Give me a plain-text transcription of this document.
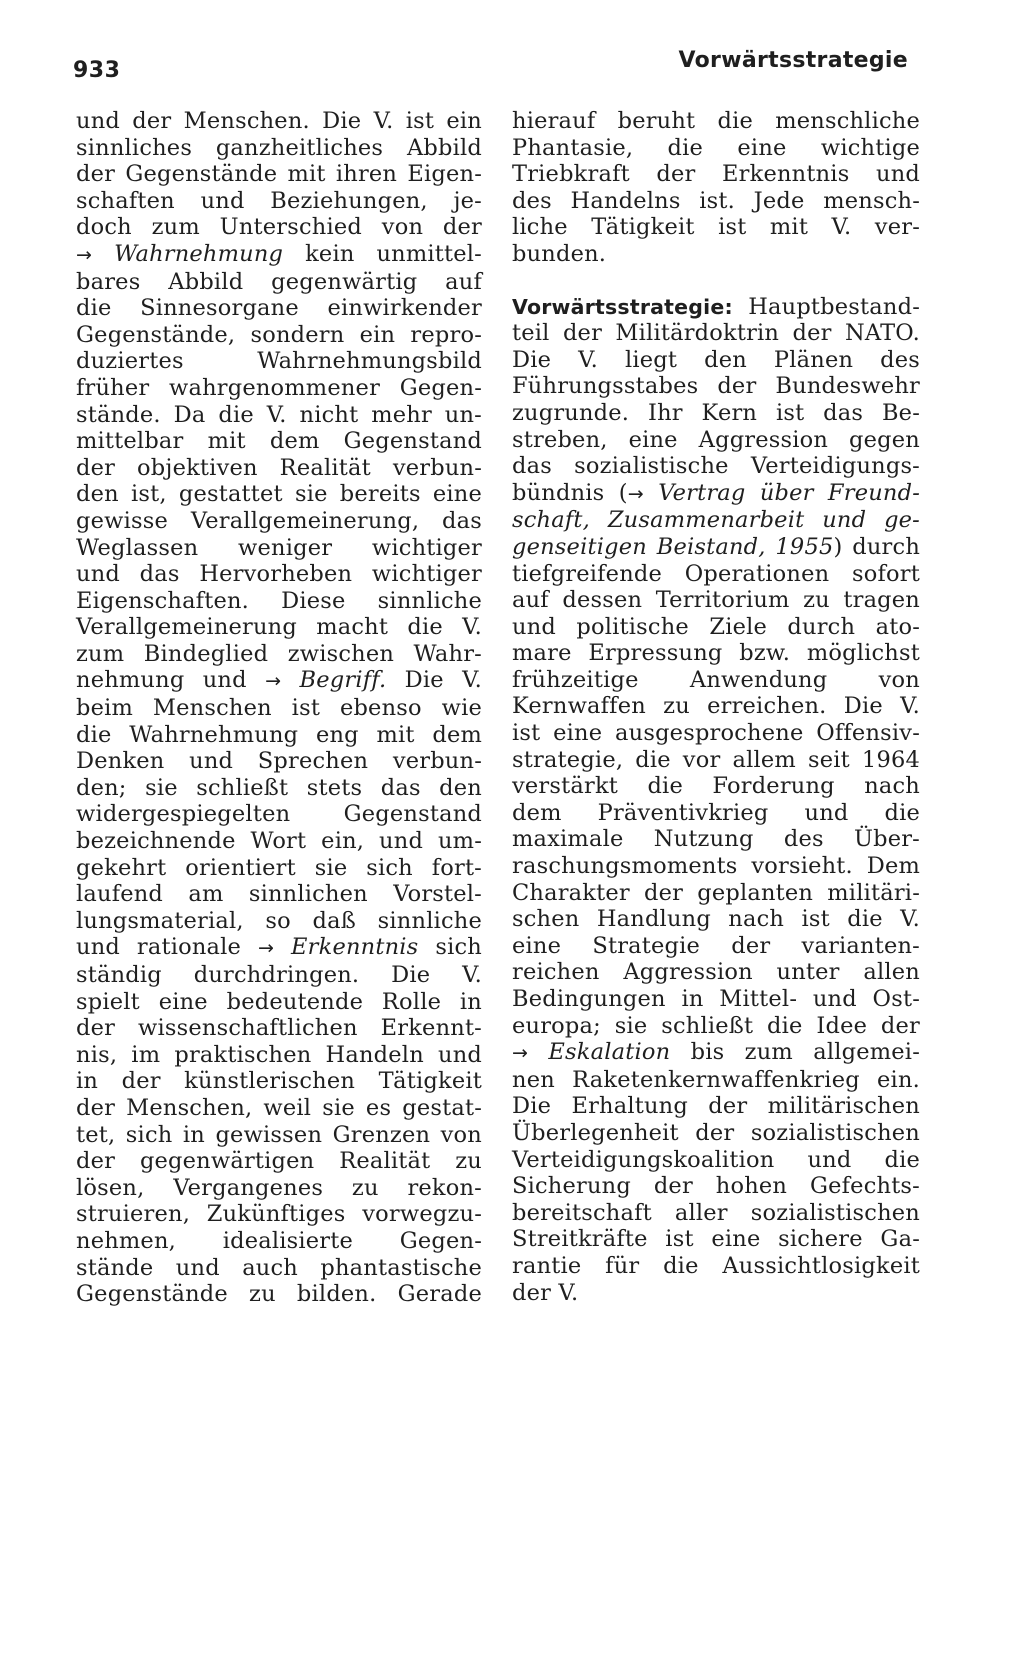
933	Vorwärtsstrategie
und der Menschen. Die V. ist ein
sinnliches ganzheitliches Abbild
der Gegenstände mit ihren Eigen-
schaften und Beziehungen, je-
doch zum Unterschied von der
→ Wahrnehmung kein unmittel-
bares Abbild gegenwärtig auf
die Sinnesorgane einwirkender
Gegenstände, sondern ein repro-
duziertes Wahrnehmungsbild
früher wahrgenommener Gegen-
stände. Da die V. nicht mehr un-
mittelbar mit dem Gegenstand
der objektiven Realität verbun-
den ist, gestattet sie bereits eine
gewisse Verallgemeinerung, das
Weglassen weniger wichtiger
und das Hervorheben wichtiger
Eigenschaften. Diese sinnliche
Verallgemeinerung macht die V.
zum Bindeglied zwischen Wahr-
nehmung und → Begriff. Die V.
beim Menschen ist ebenso wie
die Wahrnehmung eng mit dem
Denken und Sprechen verbun-
den; sie schließt stets das den
widergespiegelten Gegenstand
bezeichnende Wort ein, und um-
gekehrt orientiert sie sich fort-
laufend am sinnlichen Vorstel-
lungsmaterial, so daß sinnliche
und rationale → Erkenntnis sich
ständig durchdringen. Die V.
spielt eine bedeutende Rolle in
der wissenschaftlichen Erkennt-
nis, im praktischen Handeln und
in der künstlerischen Tätigkeit
der Menschen, weil sie es gestat-
tet, sich in gewissen Grenzen von
der gegenwärtigen Realität zu
lösen, Vergangenes zu rekon-
struieren, Zukünftiges vorwegzu-
nehmen, idealisierte Gegen-
stände und auch phantastische
Gegenstände zu bilden. Gerade
hierauf beruht die menschliche
Phantasie, die eine wichtige
Triebkraft der Erkenntnis und
des Handelns ist. Jede mensch-
liche Tätigkeit ist mit V. ver-
bunden.
Vorwärtsstrategie: Hauptbestand-
teil der Militärdoktrin der NATO.
Die V. liegt den Plänen des
Führungsstabes der Bundeswehr
zugrunde. Ihr Kern ist das Be-
streben, eine Aggression gegen
das sozialistische Verteidigungs-
bündnis (→ Vertrag über Freund-
schaft, Zusammenarbeit und ge-
genseitigen Beistand, 1955) durch
tiefgreifende Operationen sofort
auf dessen Territorium zu tragen
und politische Ziele durch ato-
mare Erpressung bzw. möglichst
frühzeitige Anwendung von
Kernwaffen zu erreichen. Die V.
ist eine ausgesprochene Offensiv-
strategie, die vor allem seit 1964
verstärkt die Forderung nach
dem Präventivkrieg und die
maximale Nutzung des Über-
raschungsmoments vorsieht. Dem
Charakter der geplanten militäri-
schen Handlung nach ist die V.
eine Strategie der varianten-
reichen Aggression unter allen
Bedingungen in Mittel- und Ost-
europa; sie schließt die Idee der
→ Eskalation bis zum allgemei-
nen Raketenkernwaffenkrieg ein.
Die Erhaltung der militärischen
Überlegenheit der sozialistischen
Verteidigungskoalition und die
Sicherung der hohen Gefechts-
bereitschaft aller sozialistischen
Streitkräfte ist eine sichere Ga-
rantie für die Aussichtlosigkeit
der V.
